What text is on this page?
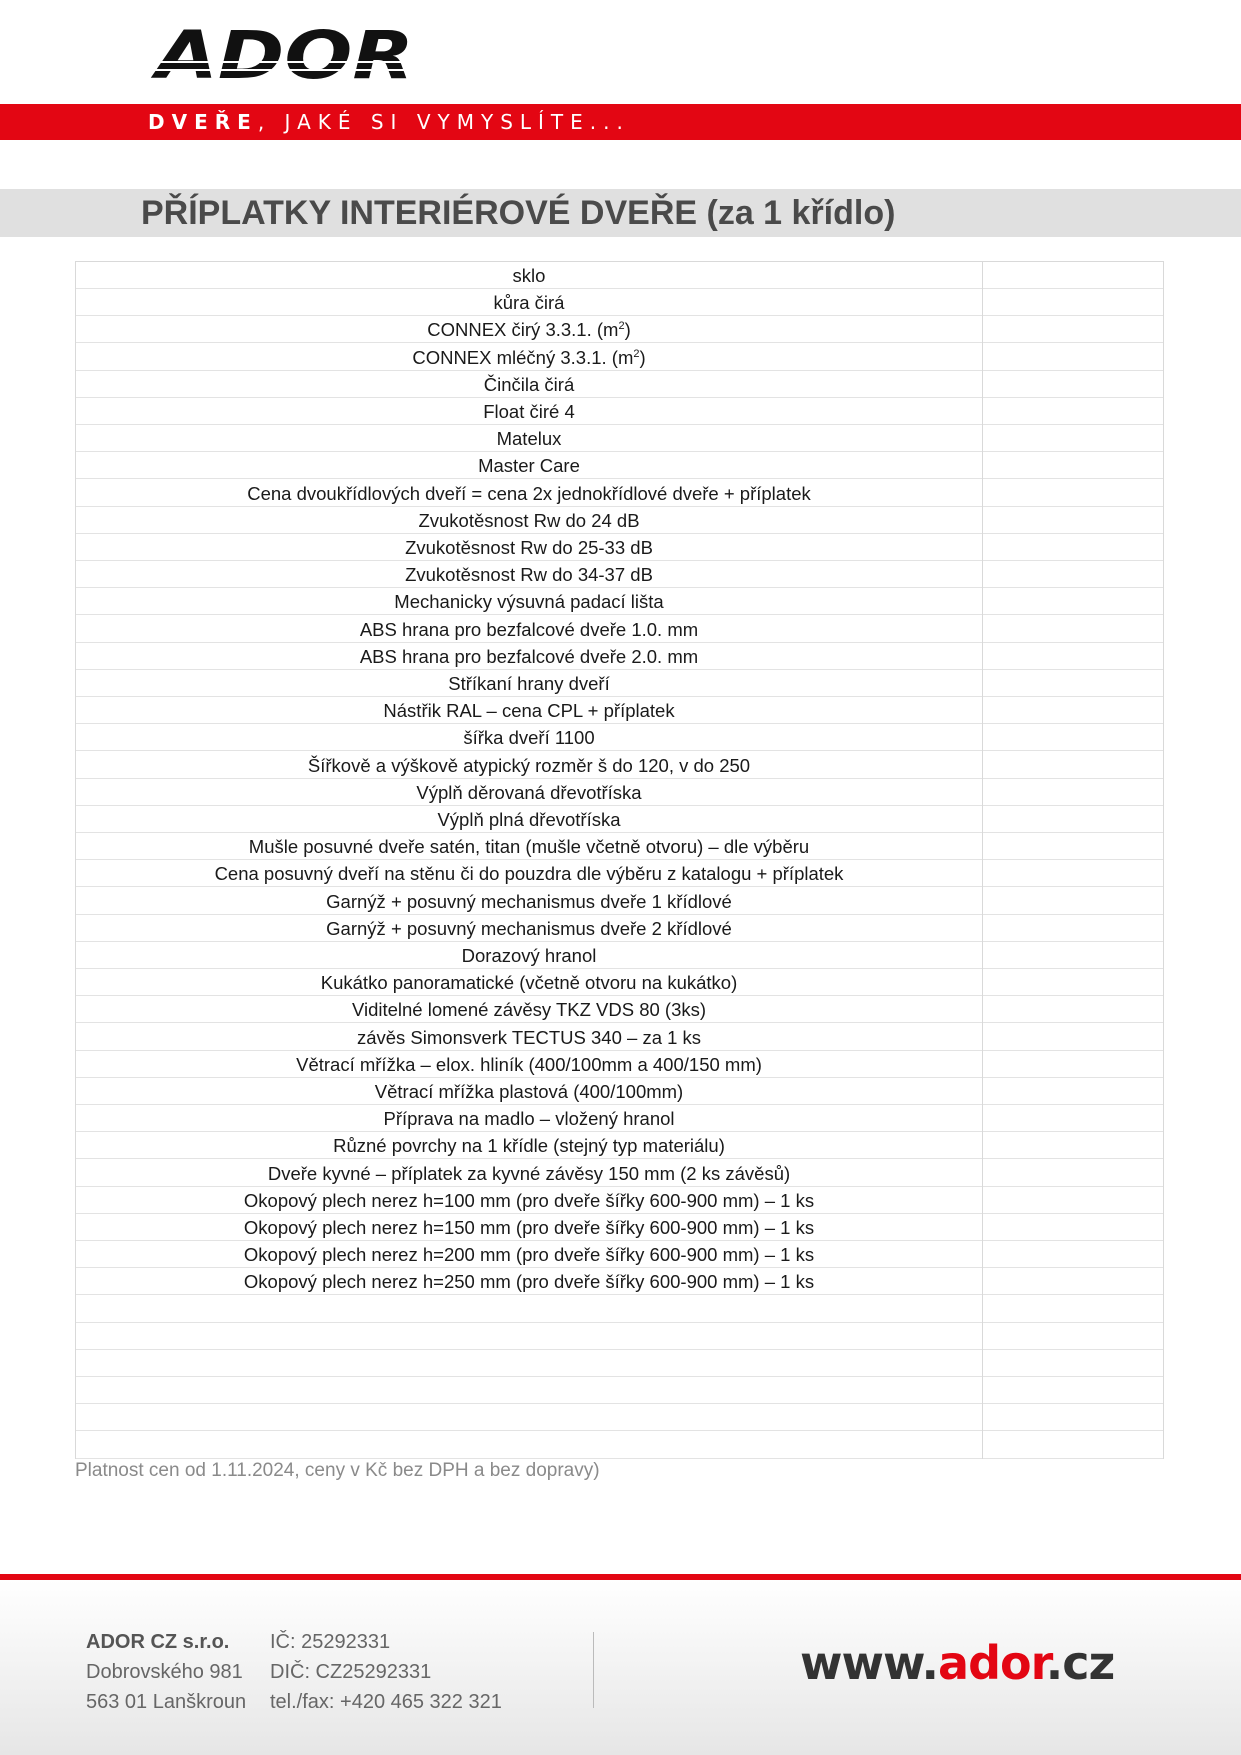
ADOR
DVEŘE, JAKÉ SI VYMYSLÍTE...
PŘÍPLATKY INTERIÉROVÉ DVEŘE (za 1 křídlo)
sklo
kůra čirá
CONNEX čirý 3.3.1. $(m^2)$
CONNEX mléčný 3.3.1. $(m^2)$
Činčila čirá
Float čiré 4
Matelux
Master Care
Cena dvoukřídlových dveří = cena 2x jednokřídlové dveře + příplatek
Zvukotěsnost Rw do 24 dB
Zvukotěsnost Rw do 25-33 dB
Zvukotěsnost Rw do 34-37 dB
Mechanicky výsuvná padací lišta
ABS hrana pro bezfalcové dveře 1.0. mm
ABS hrana pro bezfalcové dveře 2.0. mm
Stříkaní hrany dveří
Nástřik RAL – cena CPL + příplatek
šířka dveří 1100
Šířkově a výškově atypický rozměr š do 120, v do 250
Výplň děrovaná dřevotříska
Výplň plná dřevotříska
Mušle posuvné dveře satén, titan (mušle včetně otvoru) – dle výběru
Cena posuvný dveří na stěnu či do pouzdra dle výběru z katalogu + příplatek
Garnýž + posuvný mechanismus dveře 1 křídlové
Garnýž + posuvný mechanismus dveře 2 křídlové
Dorazový hranol
Kukátko panoramatické (včetně otvoru na kukátko)
Viditelné lomené závěsy TKZ VDS 80 (3ks)
závěs Simonsverk TECTUS 340 – za 1 ks
Větrací mřížka – elox. hliník (400/100mm a 400/150 mm)
Větrací mřížka plastová (400/100mm)
Příprava na madlo – vložený hranol
Různé povrchy na 1 křídle (stejný typ materiálu)
Dveře kyvné – příplatek za kyvné závěsy 150 mm (2 ks závěsů)
Okopový plech nerez h=100 mm (pro dveře šířky 600-900 mm) – 1 ks
Okopový plech nerez h=150 mm (pro dveře šířky 600-900 mm) – 1 ks
Okopový plech nerez h=200 mm (pro dveře šířky 600-900 mm) – 1 ks
Okopový plech nerez h=250 mm (pro dveře šířky 600-900 mm) – 1 ks
Platnost cen od 1.11.2024, ceny v Kč bez DPH a bez dopravy)
ADOR CZ s.r.o.
Dobrovského 981
563 01 Lanškroun
IČ: 25292331
DIČ: CZ25292331
tel./fax: +420 465 322 321
www.ador.cz
